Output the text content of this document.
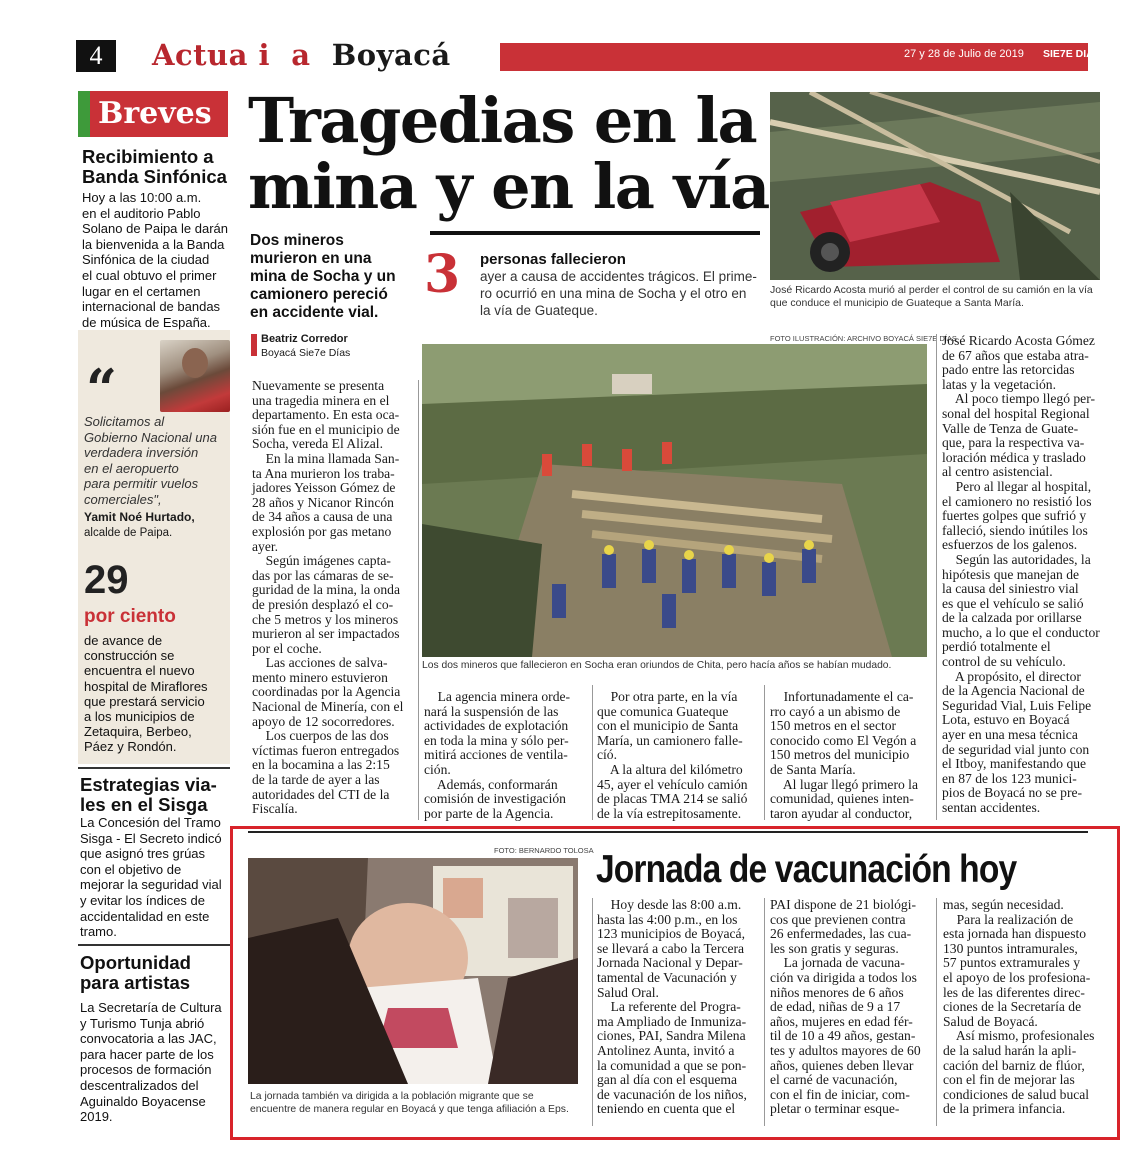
4	Actua i a Boyacá	27 y 28 de Julio de 2019 SIE7E DIAS
Breves
Recibimiento a
Banda Sinfónica
Hoy a las 10:00 a.m.
en el auditorio Pablo
Solano de Paipa le darán
la bienvenida a la Banda
Sinfónica de la ciudad
el cual obtuvo el primer
lugar en el certamen
internacional de bandas
de música de España.
“
Solicitamos al
Gobierno Nacional una
verdadera inversión
en el aeropuerto
para permitir vuelos
comerciales",
Yamit Noé Hurtado,
alcalde de Paipa.
29
por ciento
de avance de
construcción se
encuentra el nuevo
hospital de Miraflores
que prestará servicio
a los municipios de
Zetaquira, Berbeo,
Páez y Rondón.
Estrategias via-
les en el Sisga
La Concesión del Tramo
Sisga - El Secreto indicó
que asignó tres grúas
con el objetivo de
mejorar la seguridad vial
y evitar los índices de
accidentalidad en este
tramo.
Oportunidad
para artistas
La Secretaría de Cultura
y Turismo Tunja abrió
convocatoria a las JAC,
para hacer parte de los
procesos de formación
descentralizados del
Aguinaldo Boyacense
2019.
Tragedias en la
mina y en la vía
Dos mineros
murieron en una
mina de Socha y un
camionero pereció
en accidente vial.
3 personas fallecieron
ayer a causa de accidentes trágicos. El prime-
ro ocurrió en una mina de Socha y el otro en
la vía de Guateque.
José Ricardo Acosta murió al perder el control de su camión en la vía
que conduce el municipio de Guateque a Santa María.
Beatriz Corredor
Boyacá Sie7e Días
Nuevamente se presenta
una tragedia minera en el
departamento. En esta oca-
sión fue en el municipio de
Socha, vereda El Alizal.
En la mina llamada San-
ta Ana murieron los traba-
jadores Yeisson Gómez de
28 años y Nicanor Rincón
de 34 años a causa de una
explosión por gas metano
ayer.
Según imágenes capta-
das por las cámaras de se-
guridad de la mina, la onda
de presión desplazó el co-
che 5 metros y los mineros
murieron al ser impactados
por el coche.
Las acciones de salva-
mento minero estuvieron
coordinadas por la Agencia
Nacional de Minería, con el
apoyo de 12 socorredores.
Los cuerpos de las dos
víctimas fueron entregados
en la bocamina a las 2:15
de la tarde de ayer a las
autoridades del CTI de la
Fiscalía.
FOTO ILUSTRACIÓN: ARCHIVO BOYACÁ SIE7E DÍAS
Los dos mineros que fallecieron en Socha eran oriundos de Chita, pero hacía años se habían mudado.
La agencia minera orde-
nará la suspensión de las
actividades de explotación
en toda la mina y sólo per-
mitirá acciones de ventila-
ción.
Además, conformarán
comisión de investigación
por parte de la Agencia.
Por otra parte, en la vía
que comunica Guateque
con el municipio de Santa
María, un camionero falle-
cíó.
A la altura del kilómetro
45, ayer el vehículo camión
de placas TMA 214 se salió
de la vía estrepitosamente.
Infortunadamente el ca-
rro cayó a un abismo de
150 metros en el sector
conocido como El Vegón a
150 metros del municipio
de Santa María.
Al lugar llegó primero la
comunidad, quienes inten-
taron ayudar al conductor,
José Ricardo Acosta Gómez
de 67 años que estaba atra-
pado entre las retorcidas
latas y la vegetación.
Al poco tiempo llegó per-
sonal del hospital Regional
Valle de Tenza de Guate-
que, para la respectiva va-
loración médica y traslado
al centro asistencial.
Pero al llegar al hospital,
el camionero no resistió los
fuertes golpes que sufrió y
falleció, siendo inútiles los
esfuerzos de los galenos.
Según las autoridades, la
hipótesis que manejan de
la causa del siniestro vial
es que el vehículo se salió
de la calzada por orillarse
mucho, a lo que el conductor
perdió totalmente el
control de su vehículo.
A propósito, el director
de la Agencia Nacional de
Seguridad Vial, Luis Felipe
Lota, estuvo en Boyacá
ayer en una mesa técnica
de seguridad vial junto con
el Itboy, manifestando que
en 87 de los 123 munici-
pios de Boyacá no se pre-
sentan accidentes.
FOTO: BERNARDO TOLOSA
La jornada también va dirigida a la población migrante que se
encuentre de manera regular en Boyacá y que tenga afiliación a Eps.
Jornada de vacunación hoy
Hoy desde las 8:00 a.m.
hasta las 4:00 p.m., en los
123 municipios de Boyacá,
se llevará a cabo la Tercera
Jornada Nacional y Depar-
tamental de Vacunación y
Salud Oral.
La referente del Progra-
ma Ampliado de Inmuniza-
ciones, PAI, Sandra Milena
Antolinez Aunta, invitó a
la comunidad a que se pon-
gan al día con el esquema
de vacunación de los niños,
teniendo en cuenta que el
PAI dispone de 21 biológi-
cos que previenen contra
26 enfermedades, las cua-
les son gratis y seguras.
La jornada de vacuna-
ción va dirigida a todos los
niños menores de 6 años
de edad, niñas de 9 a 17
años, mujeres en edad fér-
til de 10 a 49 años, gestan-
tes y adultos mayores de 60
años, quienes deben llevar
el carné de vacunación,
con el fin de iniciar, com-
pletar o terminar esque-
mas, según necesidad.
Para la realización de
esta jornada han dispuesto
130 puntos intramurales,
57 puntos extramurales y
el apoyo de los profesiona-
les de las diferentes direc-
ciones de la Secretaría de
Salud de Boyacá.
Así mismo, profesionales
de la salud harán la apli-
cación del barniz de flúor,
con el fin de mejorar las
condiciones de salud bucal
de la primera infancia.
